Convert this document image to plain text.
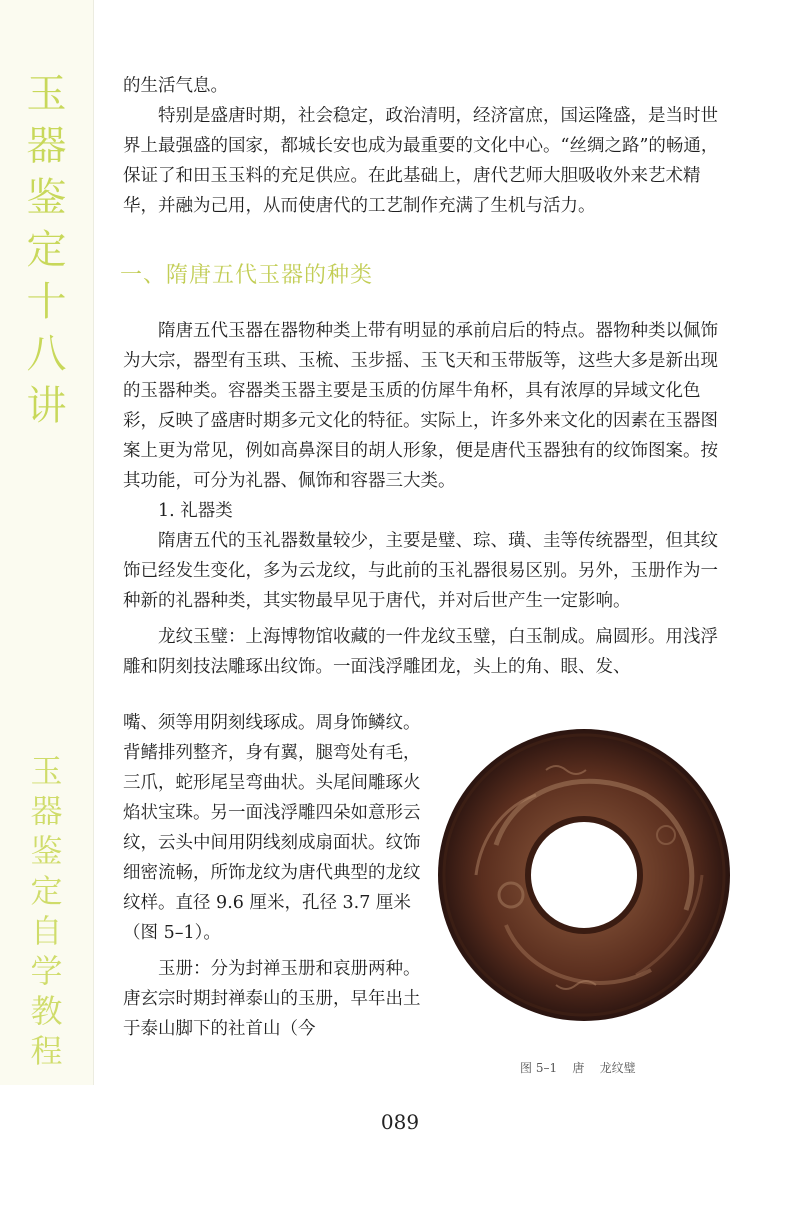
玉
器
鉴
定
十
八
讲
玉
器
鉴
定
自
学
教
程

的生活气息。

特别是盛唐时期，社会稳定，政治清明，经济富庶，国运隆盛，是当时世界上最强盛的国家，都城长安也成为最重要的文化中心。“丝绸之路”的畅通，保证了和田玉玉料的充足供应。在此基础上，唐代艺师大胆吸收外来艺术精华，并融为己用，从而使唐代的工艺制作充满了生机与活力。

一、隋唐五代玉器的种类

隋唐五代玉器在器物种类上带有明显的承前启后的特点。器物种类以佩饰为大宗，器型有玉珙、玉梳、玉步摇、玉飞天和玉带版等，这些大多是新出现的玉器种类。容器类玉器主要是玉质的仿犀牛角杯，具有浓厚的异域文化色彩，反映了盛唐时期多元文化的特征。实际上，许多外来文化的因素在玉器图案上更为常见，例如高鼻深目的胡人形象，便是唐代玉器独有的纹饰图案。按其功能，可分为礼器、佩饰和容器三大类。

1. 礼器类

隋唐五代的玉礼器数量较少，主要是璧、琮、璜、圭等传统器型，但其纹饰已经发生变化，多为云龙纹，与此前的玉礼器很易区别。另外，玉册作为一种新的礼器种类，其实物最早见于唐代，并对后世产生一定影响。

龙纹玉璧：上海博物馆收藏的一件龙纹玉璧，白玉制成。扁圆形。用浅浮雕和阴刻技法雕琢出纹饰。一面浅浮雕团龙，头上的角、眼、发、

嘴、须等用阴刻线琢成。周身饰鳞纹。背鳍排列整齐，身有翼，腿弯处有毛，三爪，蛇形尾呈弯曲状。头尾间雕琢火焰状宝珠。另一面浅浮雕四朵如意形云纹，云头中间用阴线刻成扇面状。纹饰细密流畅，所饰龙纹为唐代典型的龙纹纹样。直径 9.6 厘米，孔径 3.7 厘米（图 5–1）。

玉册：分为封禅玉册和哀册两种。唐玄宗时期封禅泰山的玉册，早年出土于泰山脚下的社首山（今

图 5–1    唐    龙纹璧
089
